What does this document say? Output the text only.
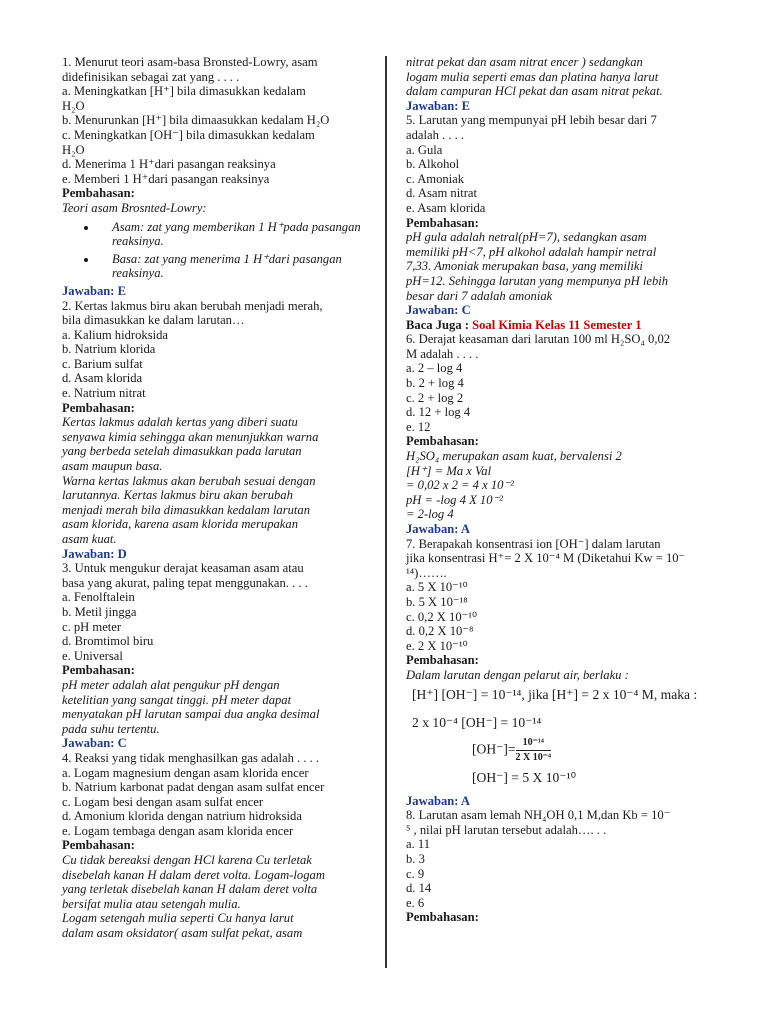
1. Menurut teori asam-basa Bronsted-Lowry, asam
didefinisikan sebagai zat yang . . . .
a. Meningkatkan [H⁺] bila dimasukkan kedalam
H₂O
b. Menurunkan [H⁺] bila dimaasukkan kedalam H₂O
c. Meningkatkan [OH⁻] bila dimasukkan kedalam
H₂O
d. Menerima 1 H⁺dari pasangan reaksinya
e. Memberi 1 H⁺dari pasangan reaksinya
Pembahasan:
Teori asam Brosnted-Lowry:
• Asam: zat yang memberikan 1 H⁺pada pasangan reaksinya.
• Basa: zat yang menerima 1 H⁺dari pasangan reaksinya.
Jawaban: E
2. Kertas lakmus biru akan berubah menjadi merah,
bila dimasukkan ke dalam larutan…
a. Kalium hidroksida
b. Natrium klorida
c. Barium sulfat
d. Asam klorida
e. Natrium nitrat
Pembahasan:
Kertas lakmus adalah kertas yang diberi suatu
senyawa kimia sehingga akan menunjukkan warna
yang berbeda setelah dimasukkan pada larutan
asam maupun basa.
Warna kertas lakmus akan berubah sesuai dengan
larutannya. Kertas lakmus biru akan berubah
menjadi merah bila dimasukkan kedalam larutan
asam klorida, karena asam klorida merupakan
asam kuat.
Jawaban: D
3. Untuk mengukur derajat keasaman asam atau
basa yang akurat, paling tepat menggunakan. . . .
a. Fenolftalein
b. Metil jingga
c. pH meter
d. Bromtimol biru
e. Universal
Pembahasan:
pH meter adalah alat pengukur pH dengan
ketelitian yang sangat tinggi. pH meter dapat
menyatakan pH larutan sampai dua angka desimal
pada suhu tertentu.
Jawaban: C
4. Reaksi yang tidak menghasilkan gas adalah . . . .
a. Logam magnesium dengan asam klorida encer
b. Natrium karbonat padat dengan asam sulfat encer
c. Logam besi dengan asam sulfat encer
d. Amonium klorida dengan natrium hidroksida
e. Logam tembaga dengan asam klorida encer
Pembahasan:
Cu tidak bereaksi dengan HCl karena Cu terletak
disebelah kanan H dalam deret volta. Logam-logam
yang terletak disebelah kanan H dalam deret volta
bersifat mulia atau setengah mulia.
Logam setengah mulia seperti Cu hanya larut
dalam asam oksidator( asam sulfat pekat, asam
nitrat pekat dan asam nitrat encer ) sedangkan
logam mulia seperti emas dan platina hanya larut
dalam campuran HCl pekat dan asam nitrat pekat.
Jawaban: E
5. Larutan yang mempunyai pH lebih besar dari 7
adalah . . . .
a. Gula
b. Alkohol
c. Amoniak
d. Asam nitrat
e. Asam klorida
Pembahasan:
pH gula adalah netral(pH=7), sedangkan asam
memiliki pH<7, pH alkohol adalah hampir netral
7,33. Amoniak merupakan basa, yang memiliki
pH=12. Sehingga larutan yang mempunya pH lebih
besar dari 7 adalah amoniak
Jawaban: C
Baca Juga : Soal Kimia Kelas 11 Semester 1
6. Derajat keasaman dari larutan 100 ml H₂SO₄ 0,02
M adalah . . . .
a. 2 – log 4
b. 2 + log 4
c. 2 + log 2
d. 12 + log 4
e. 12
Pembahasan:
H₂SO₄ merupakan asam kuat, bervalensi 2
[H⁺] = Ma x Val
= 0,02 x 2 = 4 x 10⁻²
pH = -log 4 X 10⁻²
= 2-log 4
Jawaban: A
7. Berapakah konsentrasi ion [OH⁻] dalam larutan
jika konsentrasi H⁺= 2 X 10⁻⁴ M (Diketahui Kw = 10⁻
¹⁴)…….
a. 5 X 10⁻¹⁰
b. 5 X 10⁻¹⁸
c. 0,2 X 10⁻¹⁰
d. 0,2 X 10⁻⁸
e. 2 X 10⁻¹⁰
Pembahasan:
Dalam larutan dengan pelarut air, berlaku :
[H⁺] [OH⁻] = 10⁻¹⁴, jika [H⁺] = 2 x 10⁻⁴ M, maka :
2 x 10⁻⁴ [OH⁻] = 10⁻¹⁴
$[OH^-]= \frac{\text{10⁻¹⁴}}{\text{2 X 10⁻⁴}}$
[OH⁻] = 5 X 10⁻¹⁰
Jawaban: A
8. Larutan asam lemah NH₄OH 0,1 M,dan Kb = 10⁻
⁵ , nilai pH larutan tersebut adalah…. . .
a. 11
b. 3
c. 9
d. 14
e. 6
Pembahasan:
